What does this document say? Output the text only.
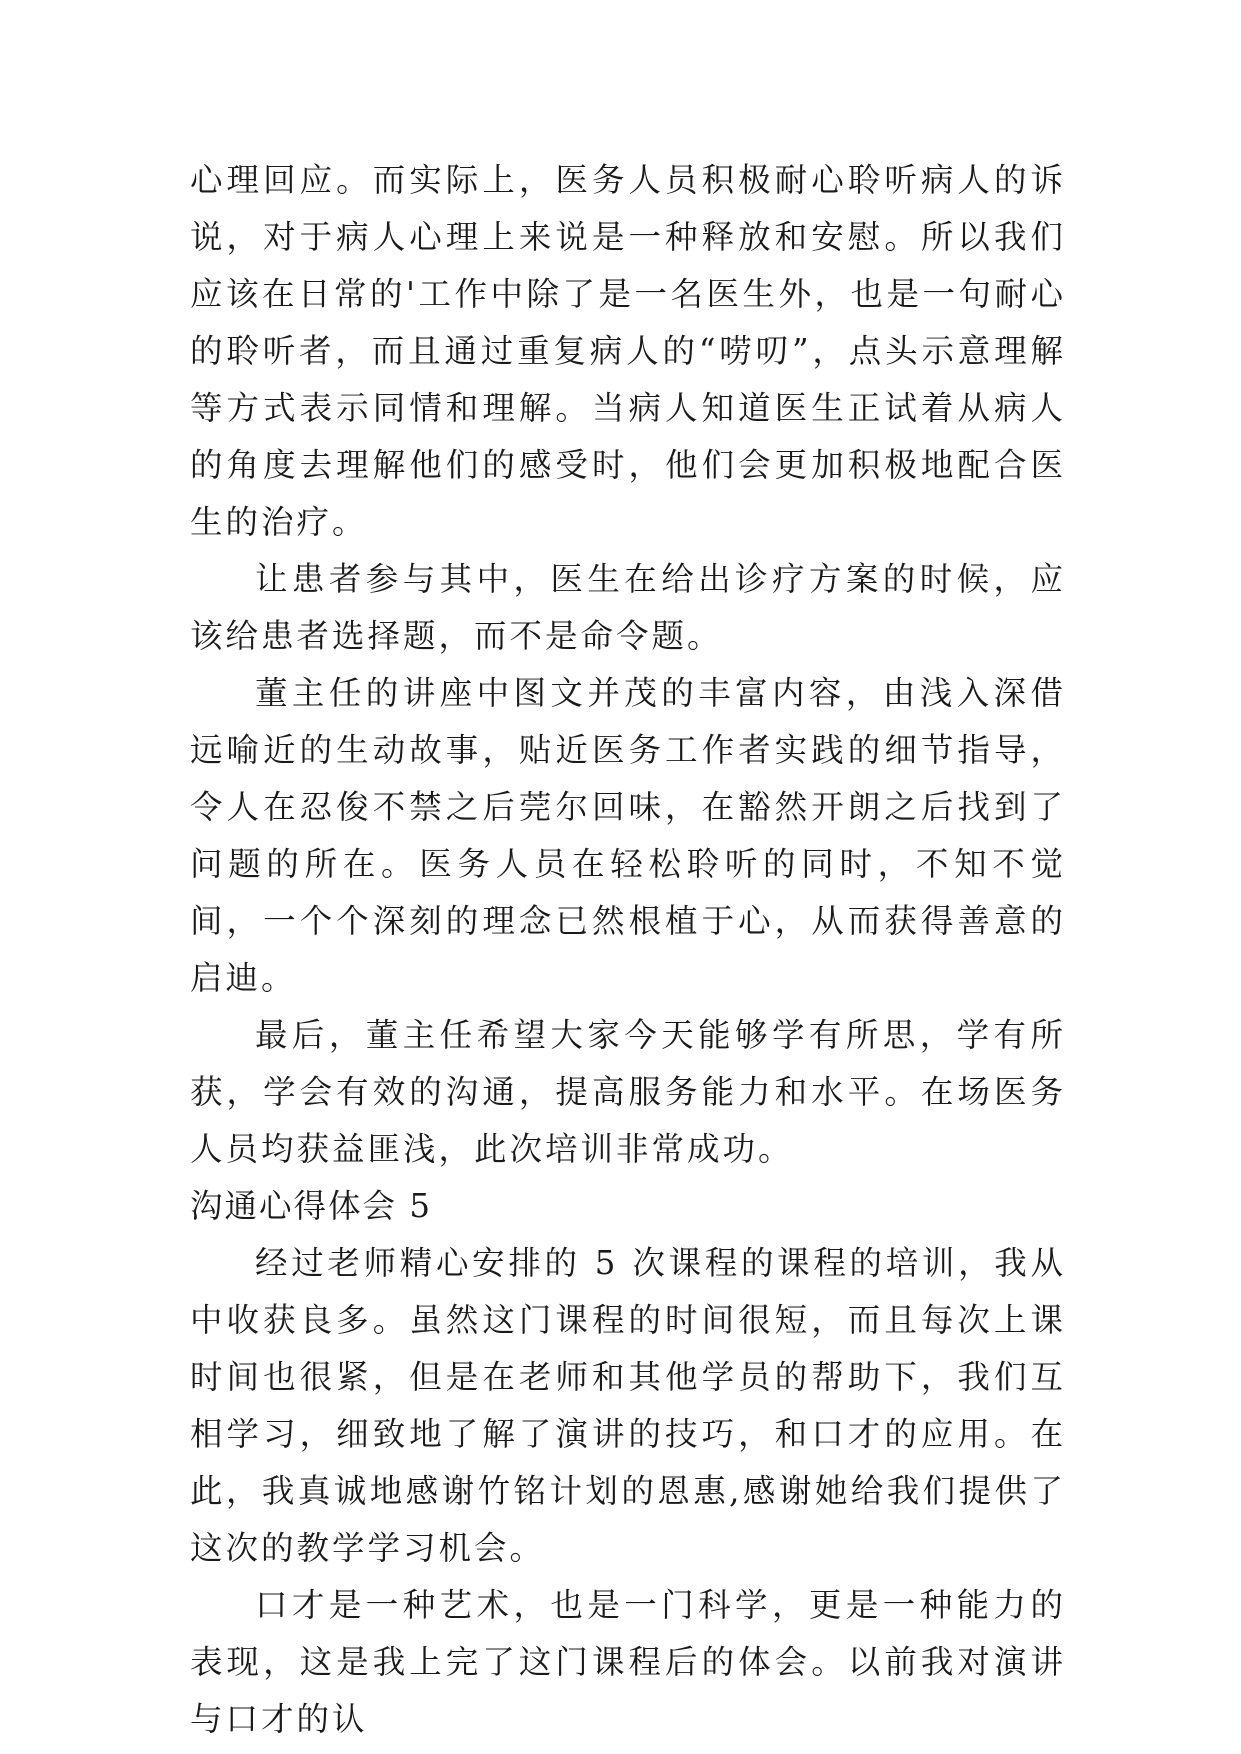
心理回应。而实际上，医务人员积极耐心聆听病人的诉说，对于病人心理上来说是一种释放和安慰。所以我们应该在日常的'工作中除了是一名医生外，也是一句耐心的聆听者，而且通过重复病人的“唠叨”，点头示意理解等方式表示同情和理解。当病人知道医生正试着从病人的角度去理解他们的感受时，他们会更加积极地配合医生的治疗。

让患者参与其中，医生在给出诊疗方案的时候，应该给患者选择题，而不是命令题。

董主任的讲座中图文并茂的丰富内容，由浅入深借远喻近的生动故事，贴近医务工作者实践的细节指导，令人在忍俊不禁之后莞尔回味，在豁然开朗之后找到了问题的所在。医务人员在轻松聆听的同时，不知不觉间，一个个深刻的理念已然根植于心，从而获得善意的启迪。

最后，董主任希望大家今天能够学有所思，学有所获，学会有效的沟通，提高服务能力和水平。在场医务人员均获益匪浅，此次培训非常成功。

沟通心得体会 5

经过老师精心安排的 5 次课程的课程的培训，我从中收获良多。虽然这门课程的时间很短，而且每次上课时间也很紧，但是在老师和其他学员的帮助下，我们互相学习，细致地了解了演讲的技巧，和口才的应用。在此，我真诚地感谢竹铭计划的恩惠,感谢她给我们提供了这次的教学学习机会。

口才是一种艺术，也是一门科学，更是一种能力的表现，这是我上完了这门课程后的体会。以前我对演讲与口才的认
